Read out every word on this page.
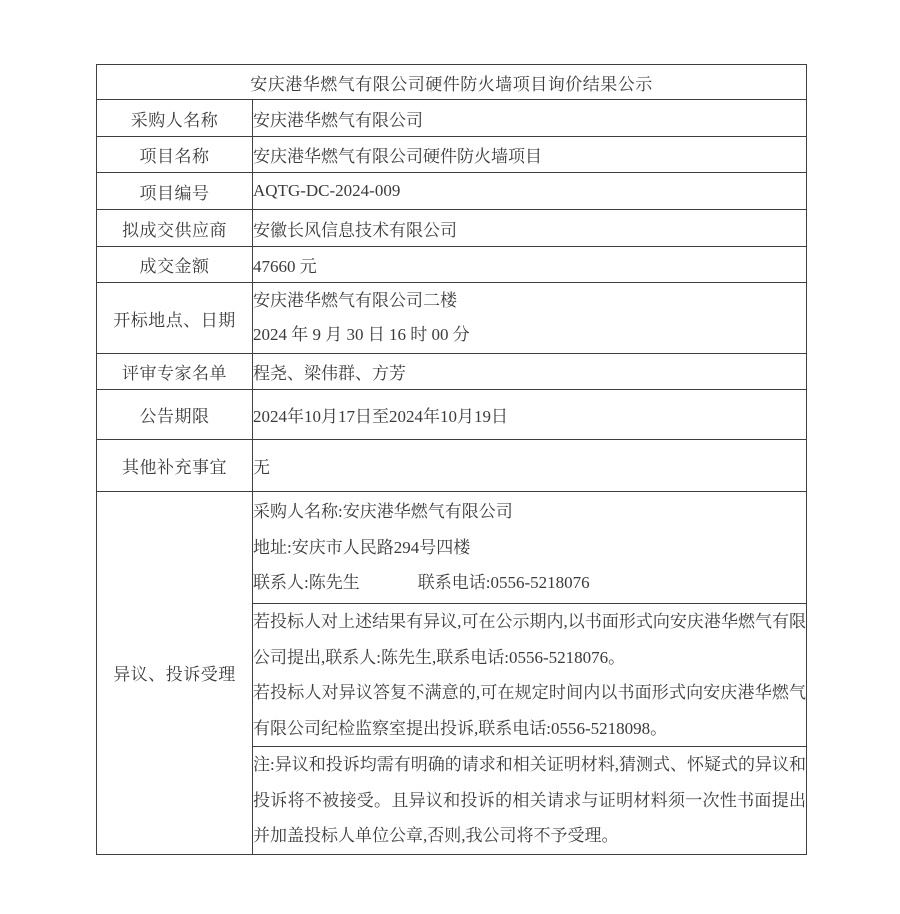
安庆港华燃气有限公司硬件防火墙项目询价结果公示	
采购人名称	安庆港华燃气有限公司
项目名称	安庆港华燃气有限公司硬件防火墙项目
项目编号	AQTG-DC-2024-009
拟成交供应商	安徽长风信息技术有限公司
成交金额	47660 元
开标地点、日期	安庆港华燃气有限公司二楼
2024 年 9 月 30 日 16 时 00 分

评审专家名单	程尧、梁伟群、方芳
公告期限	2024年10月17日至2024年10月19日
其他补充事宜	无
异议、投诉受理	采购人名称:安庆港华燃气有限公司

地址:安庆市人民路294号四楼

联系人:陈先生 联系电话:0556-5218076

	若投标人对上述结果有异议,可在公示期内,以书面形式向安庆港华燃气有限公司提出,联系人:陈先生,联系电话:0556-5218076。

若投标人对异议答复不满意的,可在规定时间内以书面形式向安庆港华燃气有限公司纪检监察室提出投诉,联系电话:0556-5218098。

	注:异议和投诉均需有明确的请求和相关证明材料,猜测式、怀疑式的异议和投诉将不被接受。且异议和投诉的相关请求与证明材料须一次性书面提出并加盖投标人单位公章,否则,我公司将不予受理。
